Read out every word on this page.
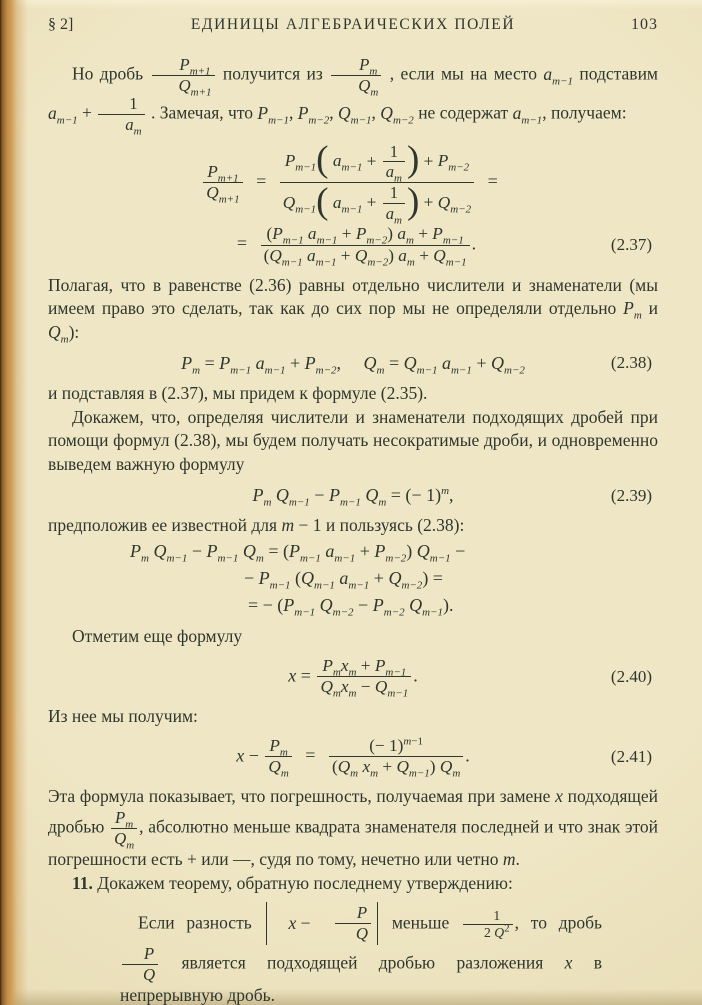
§ 2]	ЕДИНИЦЫ АЛГЕБРАИЧЕСКИХ ПОЛЕЙ	103

Но дробь $\frac{P_{m+1}}{Q_{m+1}}$ получится из $\frac{P_m}{Q_m}$ , если мы на место $a_{m-1}$ подставим $a_{m-1} + \frac{1}{a_m}$ . Замечая, что $P_{m-1}$, $P_{m-2}$, $Q_{m-1}$, $Q_{m-2}$ не содержат $a_{m-1}$, получаем:

$\frac{P_{m+1}}{Q_{m+1}} = \frac{P_{m-1}( a_{m-1} + \frac{1}{a_m} ) + P_{m-2}}{Q_{m-1}( a_{m-1} + \frac{1}{a_m} ) + Q_{m-2}}$ =
= $\frac{(P_{m-1} a_{m-1} + P_{m-2}) a_m + P_{m-1}}{(Q_{m-1} a_{m-1} + Q_{m-2}) a_m + Q_{m-1}}$ .	(2.37)

Полагая, что в равенстве (2.36) равны отдельно числители и знаменатели (мы имеем право это сделать, так как до сих пор мы не определяли отдельно $P_m$ и $Q_m$):

$P_m = P_{m-1}$ $a_{m-1} + P_{m-2}$,  $Q_m = Q_{m-1}$ $a_{m-1} + Q_{m-2}$	(2.38)

и подставляя в (2.37), мы придем к формуле (2.35).

Докажем, что, определяя числители и знаменатели подходящих дробей при помощи формул (2.38), мы будем получать несократимые дроби, и одновременно выведем важную формулу

$P_m$ $Q_{m-1} - P_{m-1}$ $Q_m$ = (− 1)$^m$,	(2.39)

предположив ее известной для m − 1 и пользуясь (2.38):

$P_m$ $Q_{m-1} - P_{m-1}$ $Q_m = (P_{m-1}$ $a_{m-1} + P_{m-2}$) $Q_{m-1}$ −
− $P_{m-1}$ ($Q_{m-1}$ $a_{m-1} + Q_{m-2}$) =
= − ($P_{m-1}$ $Q_{m-2} - P_{m-2}$ $Q_{m-1}$).

Отметим еще формулу

$x = P_mx_m + P_{m-1}$
$Q_mx_m - Q_{m-1}$
.	(2.40)

Из нее мы получим:

$x - \frac{P_m}{Q_m} = \frac{(- 1)^{m-1}}{(Q_m x_m + Q_{m-1}) Q_m}$ .	(2.41)

Эта формула показывает, что погрешность, получаемая при замене x подходящей дробью $\frac{P_m}{Q_m}$ , абсолютно меньше квадрата знаменателя последней и что знак этой погрешности есть + или —, судя по тому, нечетно или четно m.

11. Докажем теорему, обратную последнему утверждению:

Если разность	x −
$\frac{P}{Q}$ меньше $\frac{1}{2 Q^2}$ , то дробь
$\frac{P}{Q}$ является подходящей дробью разложения x в непрерывную дробь.
